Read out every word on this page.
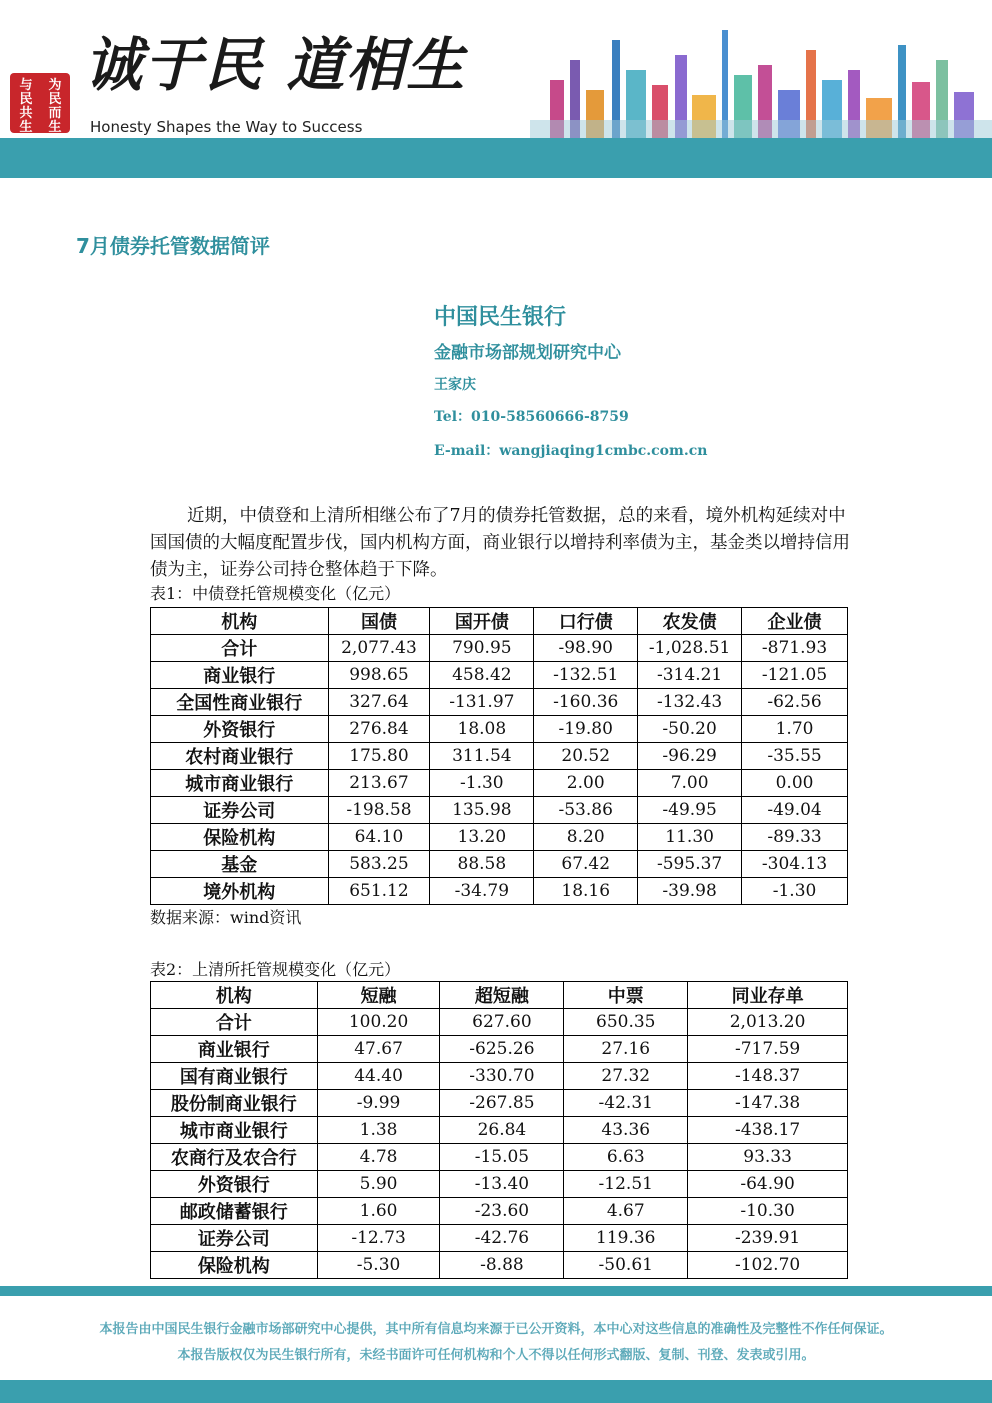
与民共生
为民而生
诚于民 道相生
Honesty Shapes the Way to Success
7月债券托管数据简评
中国民生银行
金融市场部规划研究中心
王家庆
Tel：010-58560666-8759
E-mail：wangjiaqing1cmbc.com.cn
近期，中债登和上清所相继公布了7月的债券托管数据，总的来看，境外机构延续对中国国债的大幅度配置步伐，国内机构方面，商业银行以增持利率债为主，基金类以增持信用债为主，证券公司持仓整体趋于下降。
表1：中债登托管规模变化（亿元）
机构	国债	国开债	口行债	农发债	企业债
合计	2,077.43	790.95	-98.90	-1,028.51	-871.93
商业银行	998.65	458.42	-132.51	-314.21	-121.05
全国性商业银行	327.64	-131.97	-160.36	-132.43	-62.56
外资银行	276.84	18.08	-19.80	-50.20	1.70
农村商业银行	175.80	311.54	20.52	-96.29	-35.55
城市商业银行	213.67	-1.30	2.00	7.00	0.00
证券公司	-198.58	135.98	-53.86	-49.95	-49.04
保险机构	64.10	13.20	8.20	11.30	-89.33
基金	583.25	88.58	67.42	-595.37	-304.13
境外机构	651.12	-34.79	18.16	-39.98	-1.30
数据来源：wind资讯
表2：上清所托管规模变化（亿元）
机构	短融	超短融	中票	同业存单
合计	100.20	627.60	650.35	2,013.20
商业银行	47.67	-625.26	27.16	-717.59
国有商业银行	44.40	-330.70	27.32	-148.37
股份制商业银行	-9.99	-267.85	-42.31	-147.38
城市商业银行	1.38	26.84	43.36	-438.17
农商行及农合行	4.78	-15.05	6.63	93.33
外资银行	5.90	-13.40	-12.51	-64.90
邮政储蓄银行	1.60	-23.60	4.67	-10.30
证券公司	-12.73	-42.76	119.36	-239.91
保险机构	-5.30	-8.88	-50.61	-102.70
本报告由中国民生银行金融市场部研究中心提供，其中所有信息均来源于已公开资料，本中心对这些信息的准确性及完整性不作任何保证。
本报告版权仅为民生银行所有，未经书面许可任何机构和个人不得以任何形式翻版、复制、刊登、发表或引用。
